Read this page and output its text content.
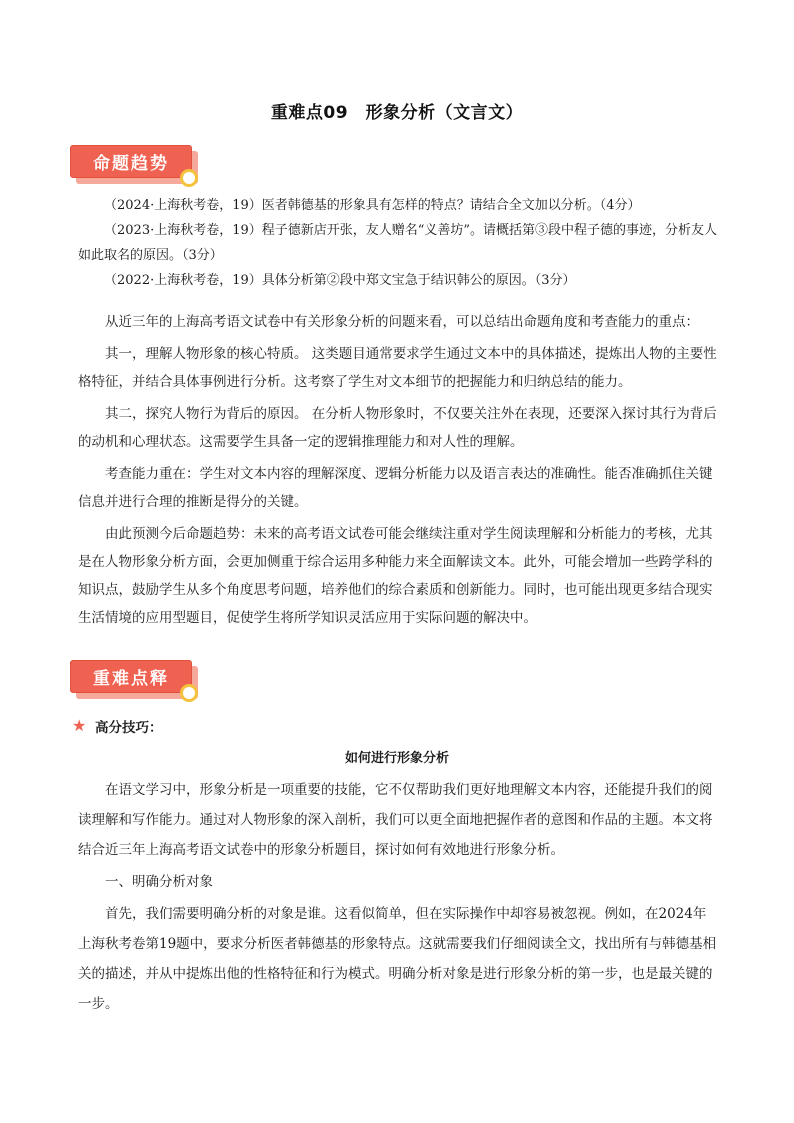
重难点09　形象分析（文言文）
命题趋势

（2024·上海秋考卷，19）医者韩德基的形象具有怎样的特点？请结合全文加以分析。（4分）

（2023·上海秋考卷，19）程子德新店开张，友人赠名“义善坊”。请概括第③段中程子德的事迹，分析友人如此取名的原因。（3分）

（2022·上海秋考卷，19）具体分析第②段中郑文宝急于结识韩公的原因。（3分）

从近三年的上海高考语文试卷中有关形象分析的问题来看，可以总结出命题角度和考查能力的重点：

其一，理解人物形象的核心特质。 这类题目通常要求学生通过文本中的具体描述，提炼出人物的主要性格特征，并结合具体事例进行分析。这考察了学生对文本细节的把握能力和归纳总结的能力。

其二，探究人物行为背后的原因。 在分析人物形象时，不仅要关注外在表现，还要深入探讨其行为背后的动机和心理状态。这需要学生具备一定的逻辑推理能力和对人性的理解。

考查能力重在：学生对文本内容的理解深度、逻辑分析能力以及语言表达的准确性。能否准确抓住关键信息并进行合理的推断是得分的关键。

由此预测今后命题趋势：未来的高考语文试卷可能会继续注重对学生阅读理解和分析能力的考核，尤其是在人物形象分析方面，会更加侧重于综合运用多种能力来全面解读文本。此外，可能会增加一些跨学科的知识点，鼓励学生从多个角度思考问题，培养他们的综合素质和创新能力。同时，也可能出现更多结合现实生活情境的应用型题目，促使学生将所学知识灵活应用于实际问题的解决中。

重难点释
★ 高分技巧：
如何进行形象分析

在语文学习中，形象分析是一项重要的技能，它不仅帮助我们更好地理解文本内容，还能提升我们的阅读理解和写作能力。通过对人物形象的深入剖析，我们可以更全面地把握作者的意图和作品的主题。本文将结合近三年上海高考语文试卷中的形象分析题目，探讨如何有效地进行形象分析。

一、明确分析对象

首先，我们需要明确分析的对象是谁。这看似简单，但在实际操作中却容易被忽视。例如，在2024年上海秋考卷第19题中，要求分析医者韩德基的形象特点。这就需要我们仔细阅读全文，找出所有与韩德基相关的描述，并从中提炼出他的性格特征和行为模式。明确分析对象是进行形象分析的第一步，也是最关键的一步。
